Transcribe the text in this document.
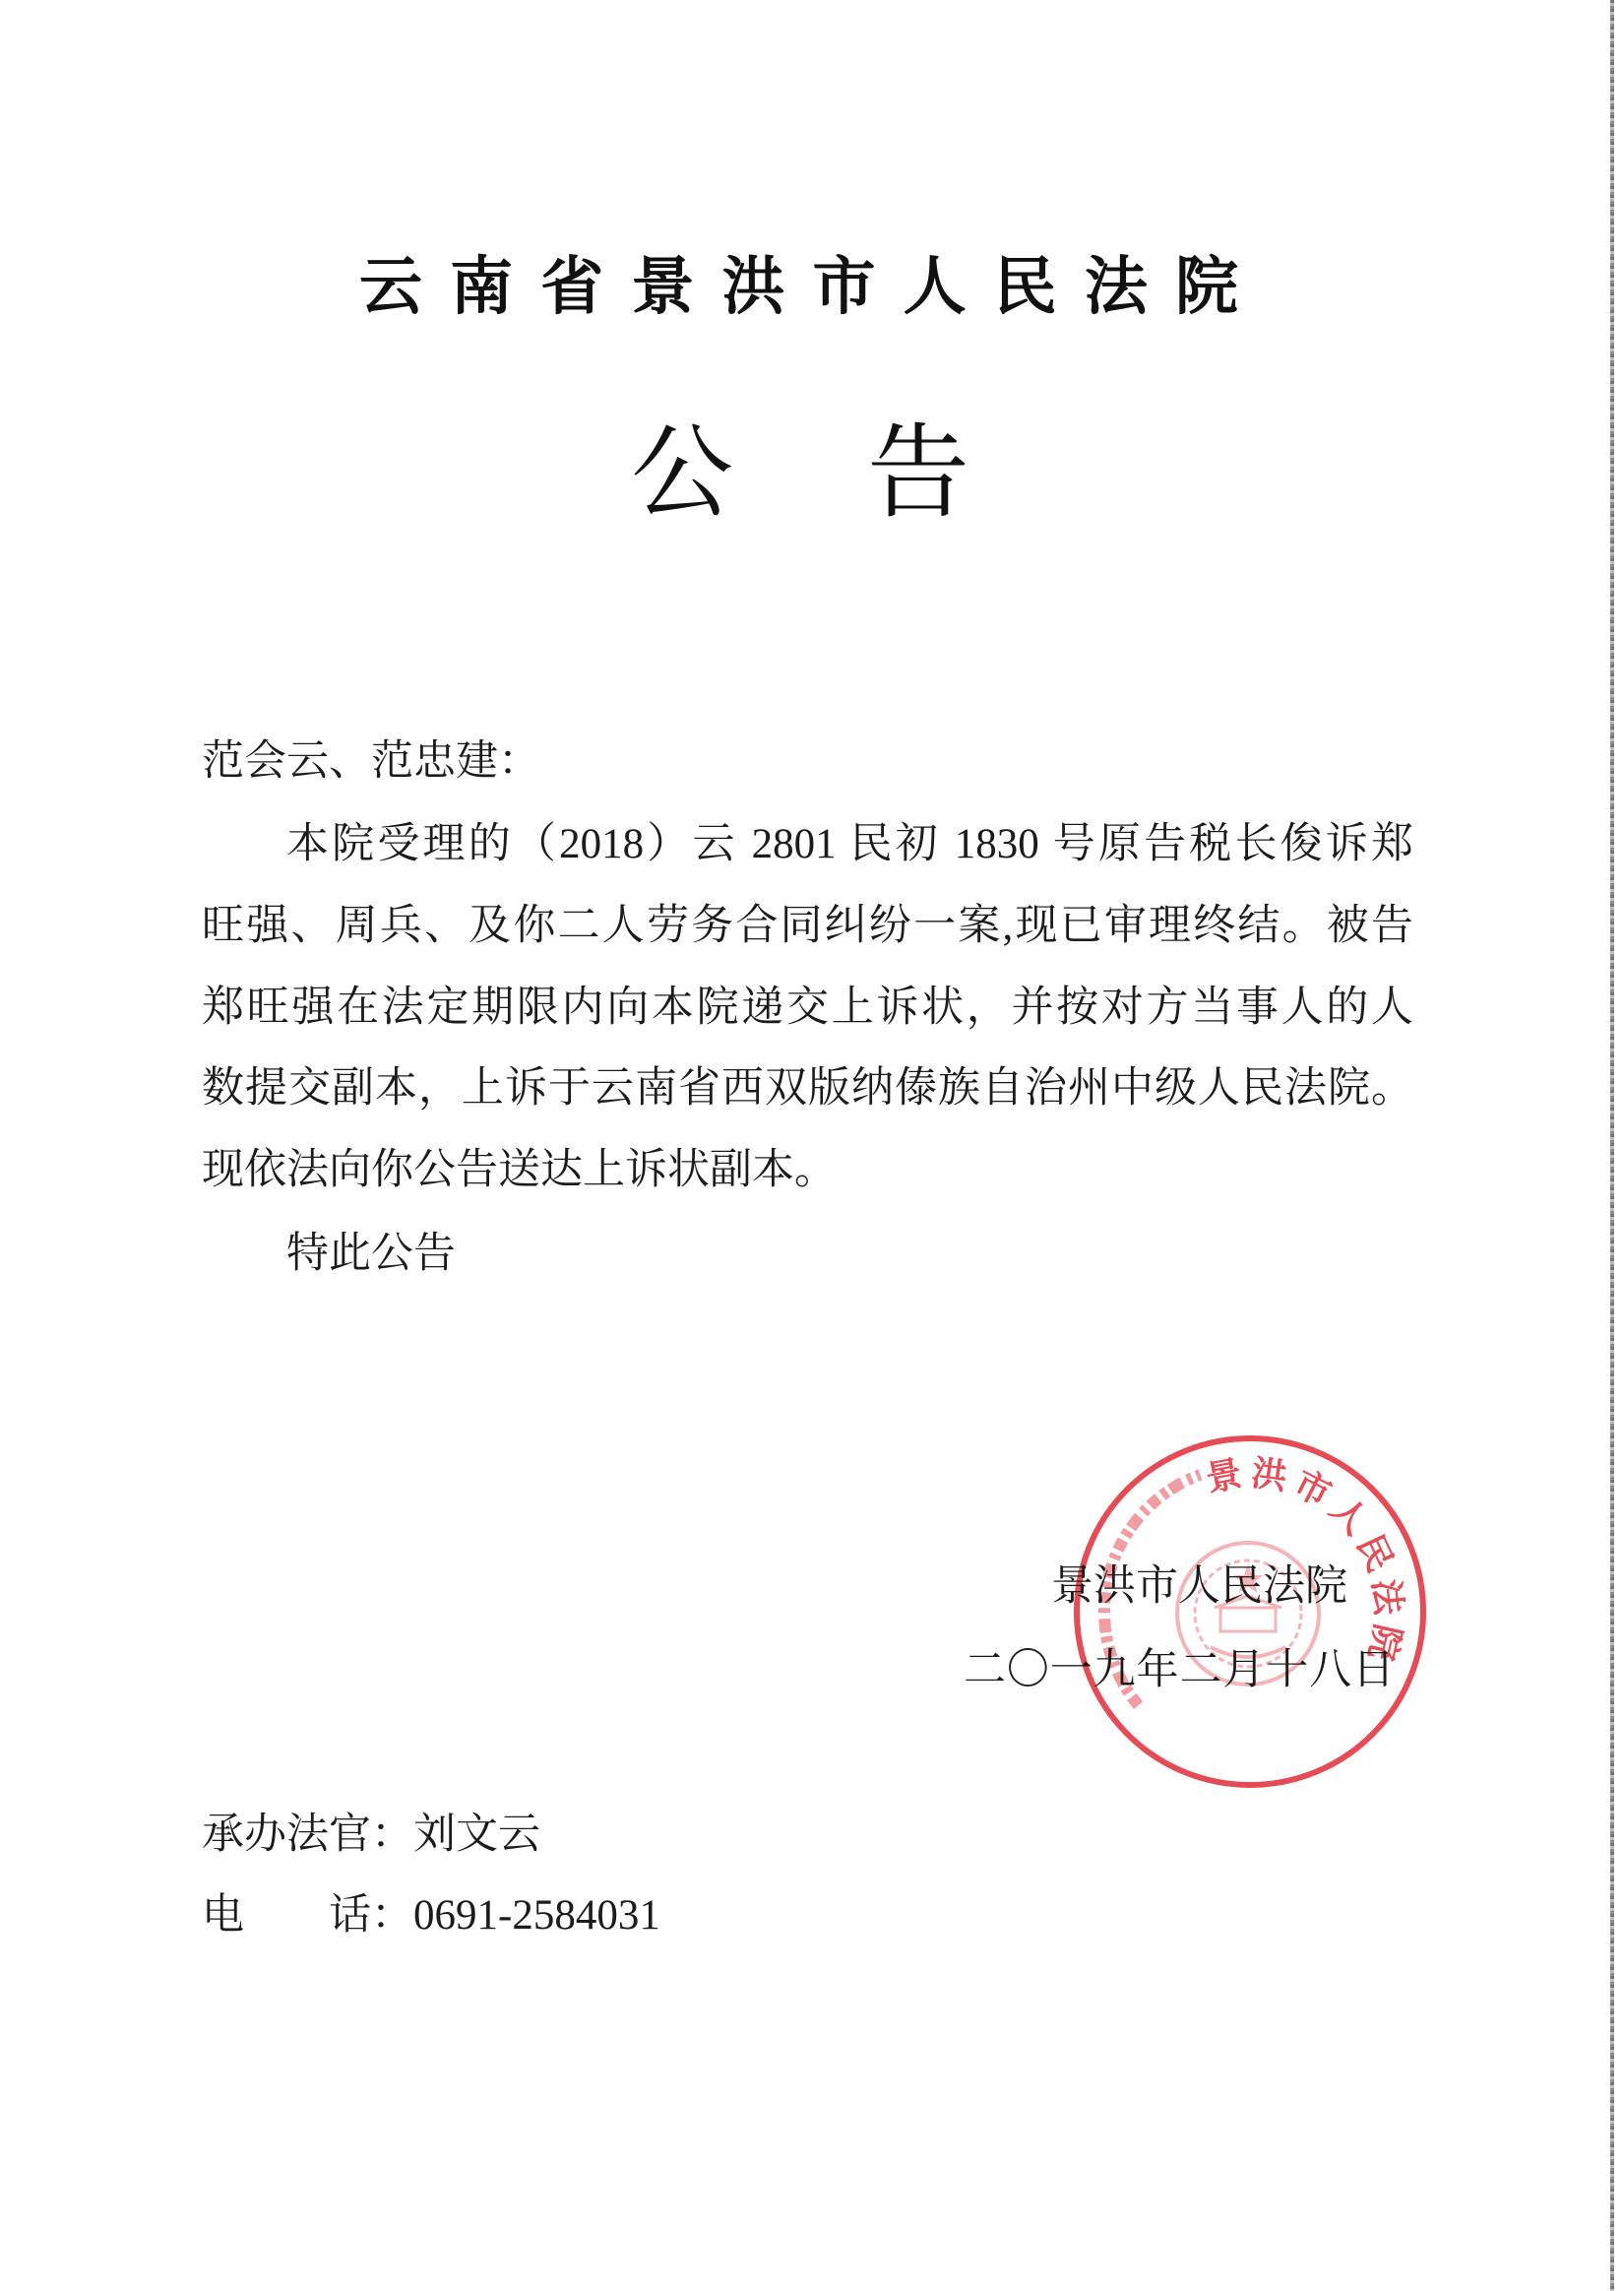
景洪市人民法院
云 南 省 景 洪 市 人 民 法 院
公 告
范会云、范忠建：
本院受理的（2018）云 2801 民初 1830 号原告税长俊诉郑
旺强、周兵、及你二人劳务合同纠纷一案,现已审理终结。被告
郑旺强在法定期限内向本院递交上诉状，并按对方当事人的人
数提交副本，上诉于云南省西双版纳傣族自治州中级人民法院。
现依法向你公告送达上诉状副本。
特此公告
景洪市人民法院
二〇一九年二月十八日
承办法官：刘文云
电　　话：0691-2584031
